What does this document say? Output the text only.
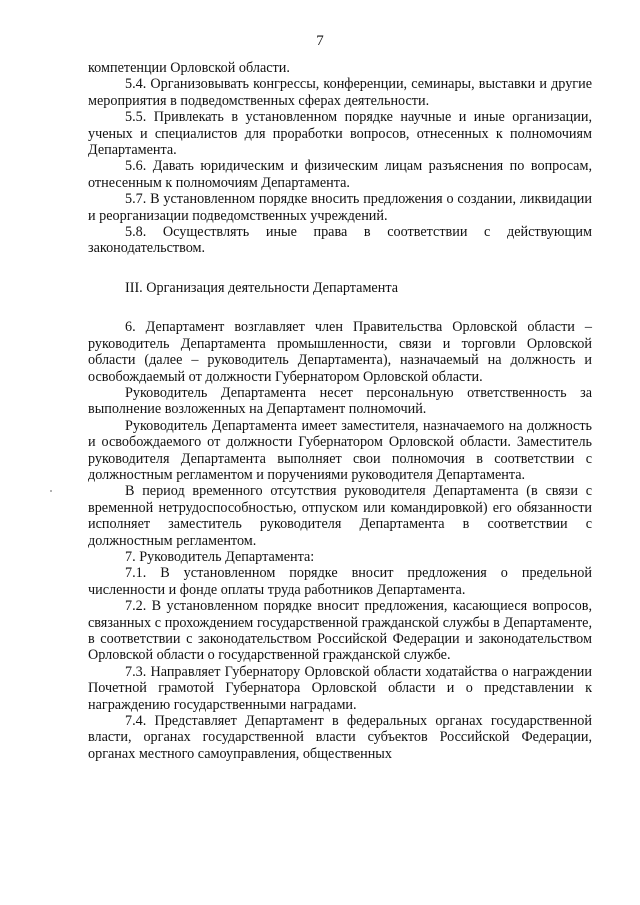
7

компетенции Орловской области.

5.4. Организовывать конгрессы, конференции, семинары, выставки и другие мероприятия в подведомственных сферах деятельности.

5.5. Привлекать в установленном порядке научные и иные организации, ученых и специалистов для проработки вопросов, отнесенных к полномочиям Департамента.

5.6. Давать юридическим и физическим лицам разъяснения по вопросам, отнесенным к полномочиям Департамента.

5.7. В установленном порядке вносить предложения о создании, ликвидации и реорганизации подведомственных учреждений.

5.8. Осуществлять иные права в соответствии с действующим законодательством.

III. Организация деятельности Департамента

6. Департамент возглавляет член Правительства Орловской области – руководитель Департамента промышленности, связи и торговли Орловской области (далее – руководитель Департамента), назначаемый на должность и освобождаемый от должности Губернатором Орловской области.

Руководитель Департамента несет персональную ответственность за выполнение возложенных на Департамент полномочий.

Руководитель Департамента имеет заместителя, назначаемого на должность и освобождаемого от должности Губернатором Орловской области. Заместитель руководителя Департамента выполняет свои полномочия в соответствии с должностным регламентом и поручениями руководителя Департамента.

В период временного отсутствия руководителя Департамента (в связи с временной нетрудоспособностью, отпуском или командировкой) его обязанности исполняет заместитель руководителя Департамента в соответствии с должностным регламентом.

7. Руководитель Департамента:

7.1. В установленном порядке вносит предложения о предельной численности и фонде оплаты труда работников Департамента.

7.2. В установленном порядке вносит предложения, касающиеся вопросов, связанных с прохождением государственной гражданской службы в Департаменте, в соответствии с законодательством Российской Федерации и законодательством Орловской области о государственной гражданской службе.

7.3. Направляет Губернатору Орловской области ходатайства о награждении Почетной грамотой Губернатора Орловской области и о представлении к награждению государственными наградами.

7.4. Представляет Департамент в федеральных органах государственной власти, органах государственной власти субъектов Российской Федерации, органах местного самоуправления, общественных
